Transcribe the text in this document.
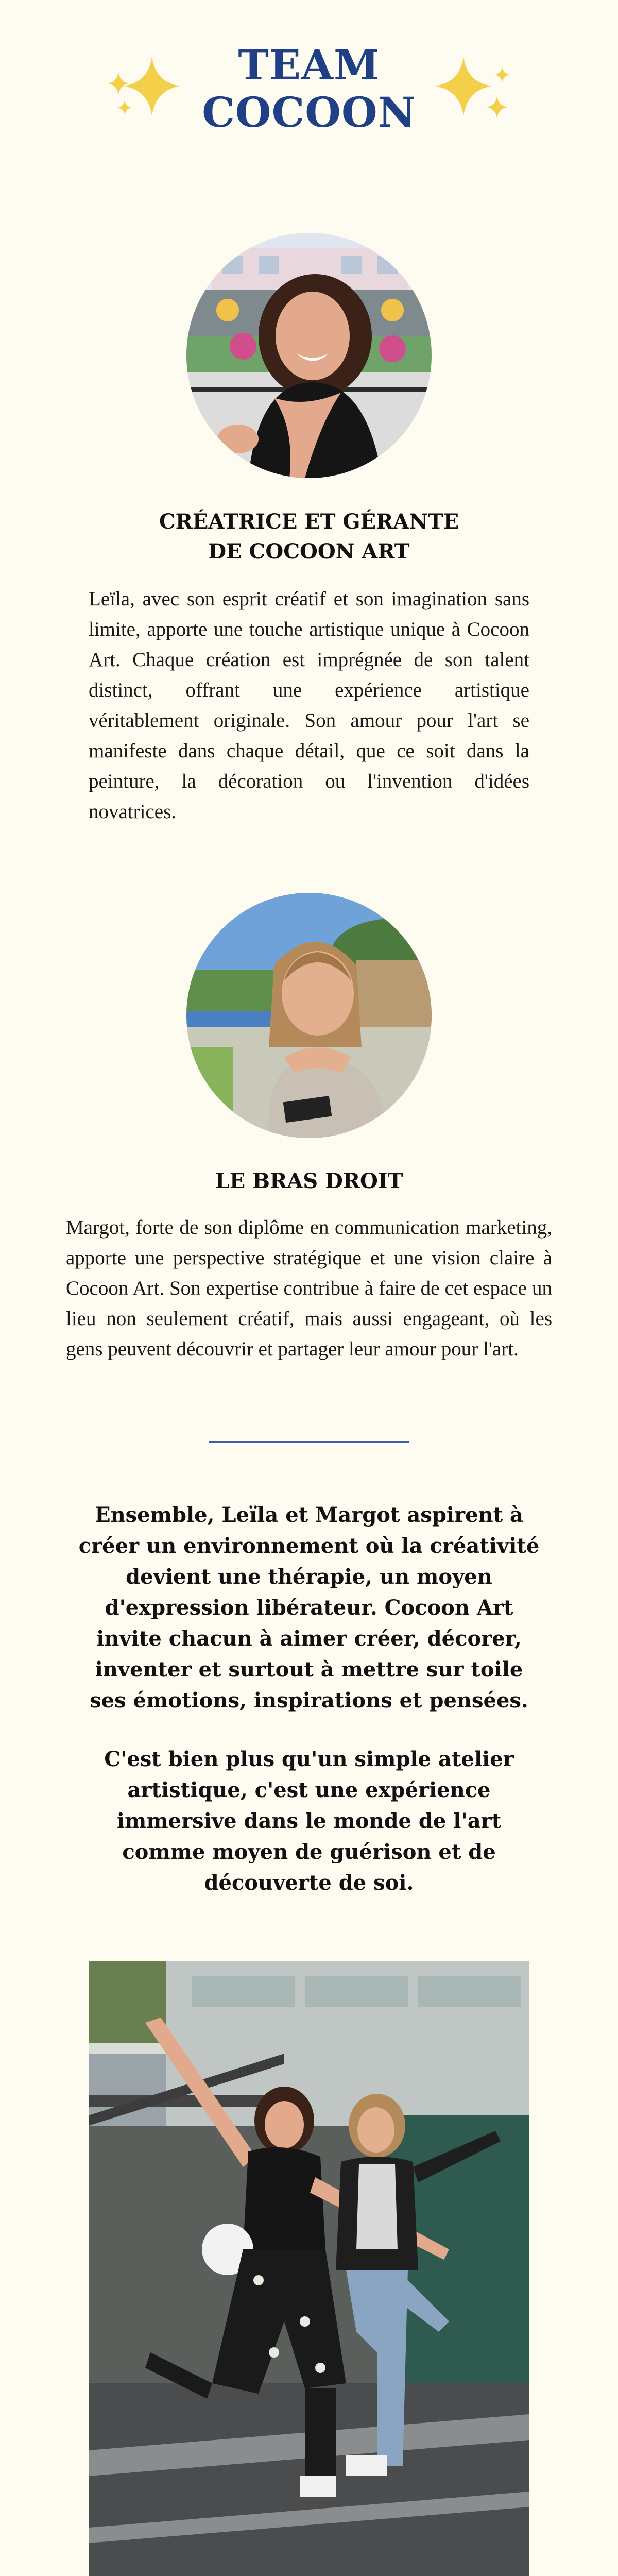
TEAM
COCOON
CRÉATRICE ET GÉRANTE
DE COCOON ART
Leïla, avec son esprit créatif et son imagination sans limite, apporte une touche artistique unique à Cocoon Art. Chaque création est imprégnée de son talent distinct, offrant une expérience artistique véritablement originale. Son amour pour l'art se manifeste dans chaque détail, que ce soit dans la peinture, la décoration ou l'invention d'idées novatrices.
LE BRAS DROIT
Margot, forte de son diplôme en communication marketing, apporte une perspective stratégique et une vision claire à Cocoon Art. Son expertise contribue à faire de cet espace un lieu non seulement créatif, mais aussi engageant, où les gens peuvent découvrir et partager leur amour pour l'art.
Ensemble, Leïla et Margot aspirent à créer un environnement où la créativité devient une thérapie, un moyen d'expression libérateur. Cocoon Art invite chacun à aimer créer, décorer, inventer et surtout à mettre sur toile ses émotions, inspirations et pensées.
C'est bien plus qu'un simple atelier artistique, c'est une expérience immersive dans le monde de l'art comme moyen de guérison et de découverte de soi.
